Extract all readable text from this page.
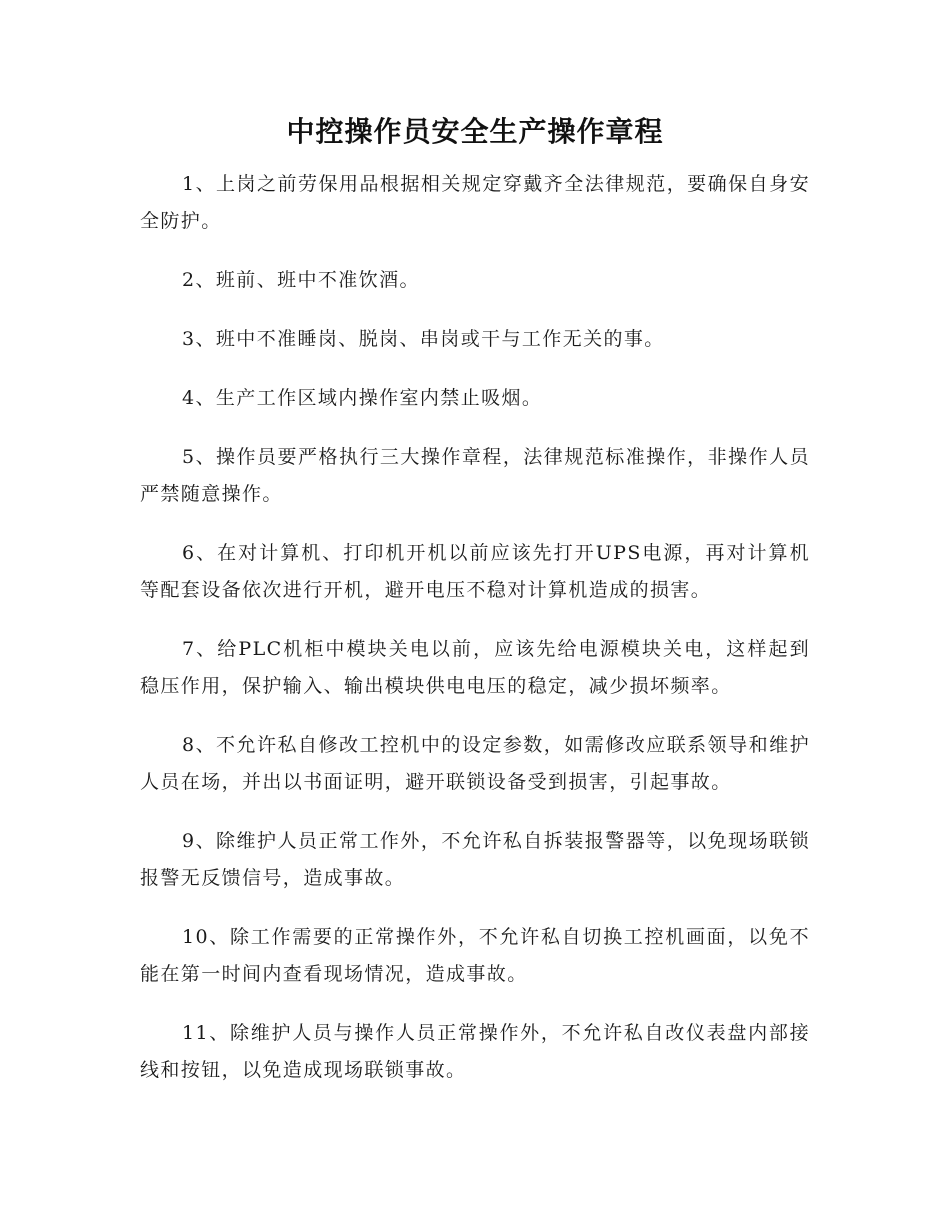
中控操作员安全生产操作章程

1、上岗之前劳保用品根据相关规定穿戴齐全法律规范，要确保自身安全防护。

2、班前、班中不准饮酒。

3、班中不准睡岗、脱岗、串岗或干与工作无关的事。

4、生产工作区域内操作室内禁止吸烟。

5、操作员要严格执行三大操作章程，法律规范标准操作，非操作人员严禁随意操作。

6、在对计算机、打印机开机以前应该先打开UPS电源，再对计算机等配套设备依次进行开机，避开电压不稳对计算机造成的损害。

7、给PLC机柜中模块关电以前，应该先给电源模块关电，这样起到稳压作用，保护输入、输出模块供电电压的稳定，减少损坏频率。

8、不允许私自修改工控机中的设定参数，如需修改应联系领导和维护人员在场，并出以书面证明，避开联锁设备受到损害，引起事故。

9、除维护人员正常工作外，不允许私自拆装报警器等，以免现场联锁报警无反馈信号，造成事故。

10、除工作需要的正常操作外，不允许私自切换工控机画面，以免不能在第一时间内查看现场情况，造成事故。

11、除维护人员与操作人员正常操作外，不允许私自改仪表盘内部接线和按钮，以免造成现场联锁事故。
